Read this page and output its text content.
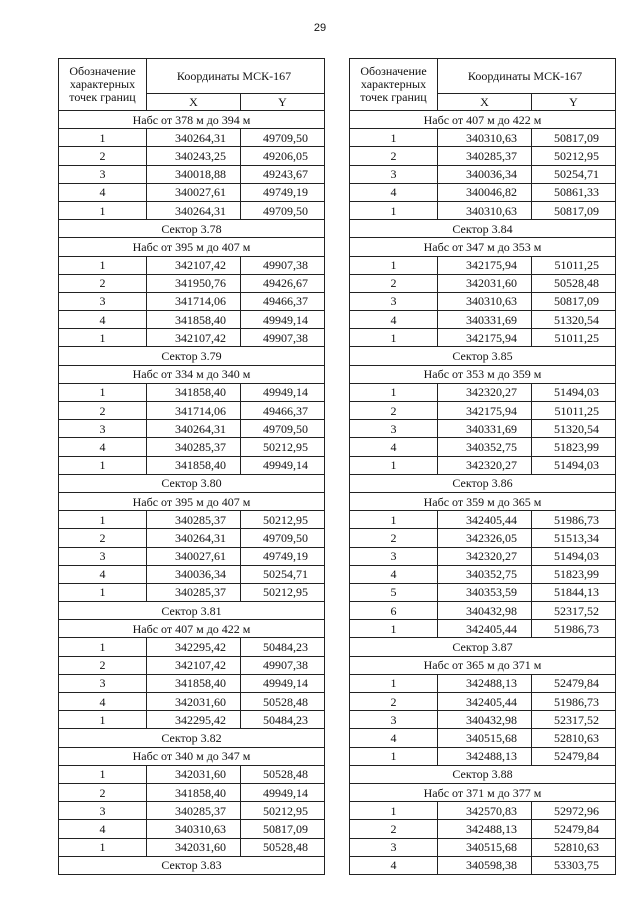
29
Обозначение характерных точек границ	Координаты МСК-167	
	X	Y
Набс от 378 м до 394 м		
1	340264,31	49709,50
2	340243,25	49206,05
3	340018,88	49243,67
4	340027,61	49749,19
1	340264,31	49709,50
Сектор 3.78		
Набс от 395 м до 407 м		
1	342107,42	49907,38
2	341950,76	49426,67
3	341714,06	49466,37
4	341858,40	49949,14
1	342107,42	49907,38
Сектор 3.79		
Набс от 334 м до 340 м		
1	341858,40	49949,14
2	341714,06	49466,37
3	340264,31	49709,50
4	340285,37	50212,95
1	341858,40	49949,14
Сектор 3.80		
Набс от 395 м до 407 м		
1	340285,37	50212,95
2	340264,31	49709,50
3	340027,61	49749,19
4	340036,34	50254,71
1	340285,37	50212,95
Сектор 3.81		
Набс от 407 м до 422 м		
1	342295,42	50484,23
2	342107,42	49907,38
3	341858,40	49949,14
4	342031,60	50528,48
1	342295,42	50484,23
Сектор 3.82		
Набс от 340 м до 347 м		
1	342031,60	50528,48
2	341858,40	49949,14
3	340285,37	50212,95
4	340310,63	50817,09
1	342031,60	50528,48
Сектор 3.83		
Обозначение характерных точек границ	Координаты МСК-167	
	X	Y
Набс от 407 м до 422 м		
1	340310,63	50817,09
2	340285,37	50212,95
3	340036,34	50254,71
4	340046,82	50861,33
1	340310,63	50817,09
Сектор 3.84		
Набс от 347 м до 353 м		
1	342175,94	51011,25
2	342031,60	50528,48
3	340310,63	50817,09
4	340331,69	51320,54
1	342175,94	51011,25
Сектор 3.85		
Набс от 353 м до 359 м		
1	342320,27	51494,03
2	342175,94	51011,25
3	340331,69	51320,54
4	340352,75	51823,99
1	342320,27	51494,03
Сектор 3.86		
Набс от 359 м до 365 м		
1	342405,44	51986,73
2	342326,05	51513,34
3	342320,27	51494,03
4	340352,75	51823,99
5	340353,59	51844,13
6	340432,98	52317,52
1	342405,44	51986,73
Сектор 3.87		
Набс от 365 м до 371 м		
1	342488,13	52479,84
2	342405,44	51986,73
3	340432,98	52317,52
4	340515,68	52810,63
1	342488,13	52479,84
Сектор 3.88		
Набс от 371 м до 377 м		
1	342570,83	52972,96
2	342488,13	52479,84
3	340515,68	52810,63
4	340598,38	53303,75
